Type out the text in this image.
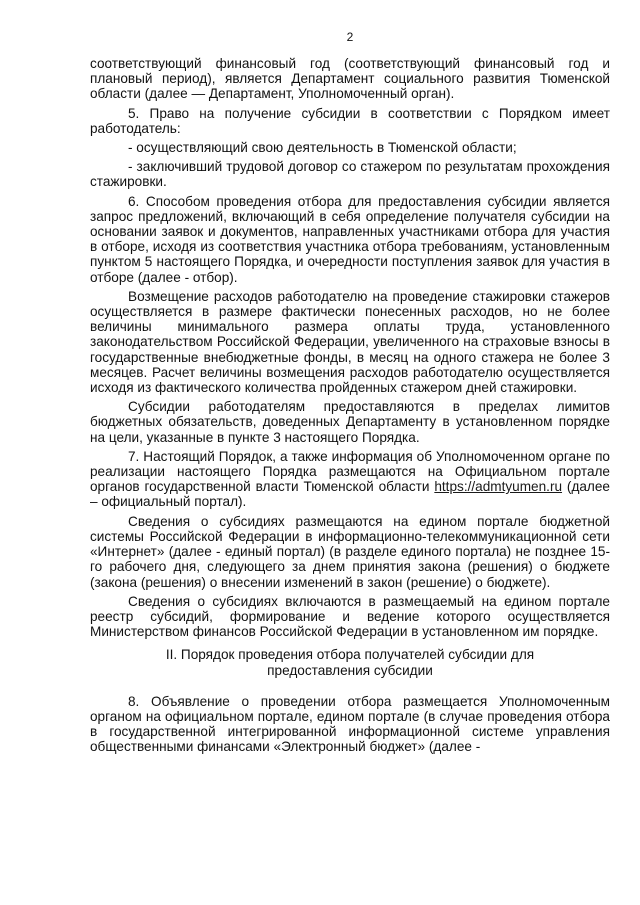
2

соответствующий финансовый год (соответствующий финансовый год и плановый период), является Департамент социального развития Тюменской области (далее — Департамент, Уполномоченный орган).

5. Право на получение субсидии в соответствии с Порядком имеет работодатель:

- осуществляющий свою деятельность в Тюменской области;

- заключивший трудовой договор со стажером по результатам прохождения стажировки.

6. Способом проведения отбора для предоставления субсидии является запрос предложений, включающий в себя определение получателя субсидии на основании заявок и документов, направленных участниками отбора для участия в отборе, исходя из соответствия участника отбора требованиям, установленным пунктом 5 настоящего Порядка, и очередности поступления заявок для участия в отборе (далее - отбор).

Возмещение расходов работодателю на проведение стажировки стажеров осуществляется в размере фактически понесенных расходов, но не более величины минимального размера оплаты труда, установленного законодательством Российской Федерации, увеличенного на страховые взносы в государственные внебюджетные фонды, в месяц на одного стажера не более 3 месяцев. Расчет величины возмещения расходов работодателю осуществляется исходя из фактического количества пройденных стажером дней стажировки.

Субсидии работодателям предоставляются в пределах лимитов бюджетных обязательств, доведенных Департаменту в установленном порядке на цели, указанные в пункте 3 настоящего Порядка.

7. Настоящий Порядок, а также информация об Уполномоченном органе по реализации настоящего Порядка размещаются на Официальном портале органов государственной власти Тюменской области https://admtyumen.ru (далее – официальный портал).

Сведения о субсидиях размещаются на едином портале бюджетной системы Российской Федерации в информационно-телекоммуникационной сети «Интернет» (далее - единый портал) (в разделе единого портала) не позднее 15-го рабочего дня, следующего за днем принятия закона (решения) о бюджете (закона (решения) о внесении изменений в закон (решение) о бюджете).

Сведения о субсидиях включаются в размещаемый на едином портале реестр субсидий, формирование и ведение которого осуществляется Министерством финансов Российской Федерации в установленном им порядке.

II. Порядок проведения отбора получателей субсидии для предоставления субсидии

8. Объявление о проведении отбора размещается Уполномоченным органом на официальном портале, едином портале (в случае проведения отбора в государственной интегрированной информационной системе управления общественными финансами «Электронный бюджет» (далее -
